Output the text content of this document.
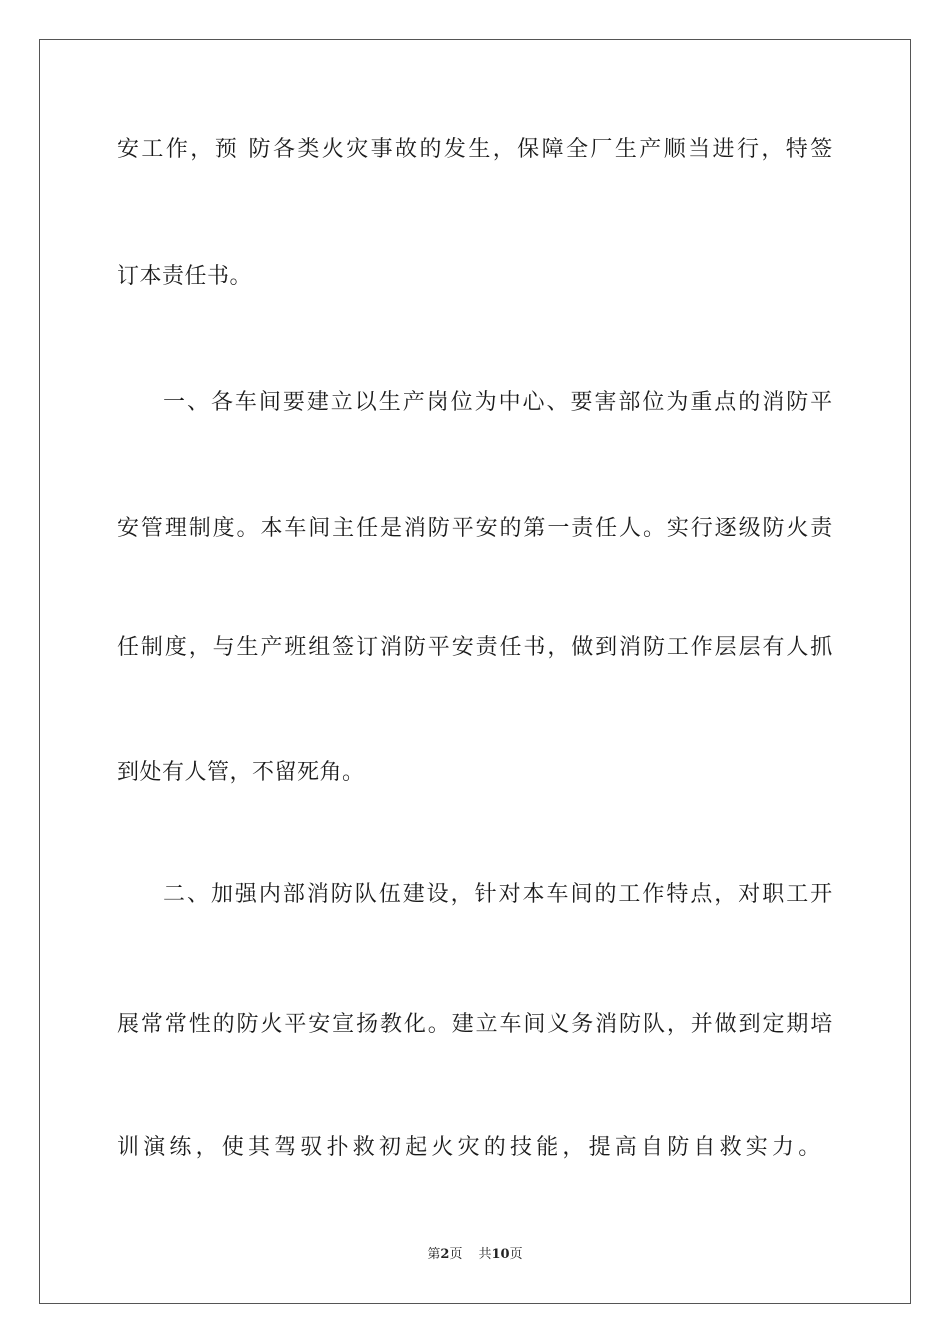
安 工 作 ， 预
防 各 类 火 灾 事 故 的 发 生 ， 保 障 全 厂 生 产 顺 当 进 行 ， 特 签
订本责任书。
一 、 各 车 间 要 建 立 以 生 产 岗 位 为 中 心 、 要 害 部 位 为 重 点 的 消 防 平
安 管 理 制 度 。 本 车 间 主 任 是 消 防 平 安 的 第 一 责 任 人 。 实 行 逐 级 防 火 责
任 制 度 ， 与 生 产 班 组 签 订 消 防 平 安 责 任 书 ， 做 到 消 防 工 作 层 层 有 人 抓
到处有人管，不留死角。
二 、 加 强 内 部 消 防 队 伍 建 设 ， 针 对 本 车 间 的 工 作 特 点 ， 对 职 工 开
展 常 常 性 的 防 火 平 安 宣 扬 教 化 。 建 立 车 间 义 务 消 防 队 ， 并 做 到 定 期 培
训演练，使其驾驭扑救初起火灾的技能，提高自防自救实力。
第2页 共10页
